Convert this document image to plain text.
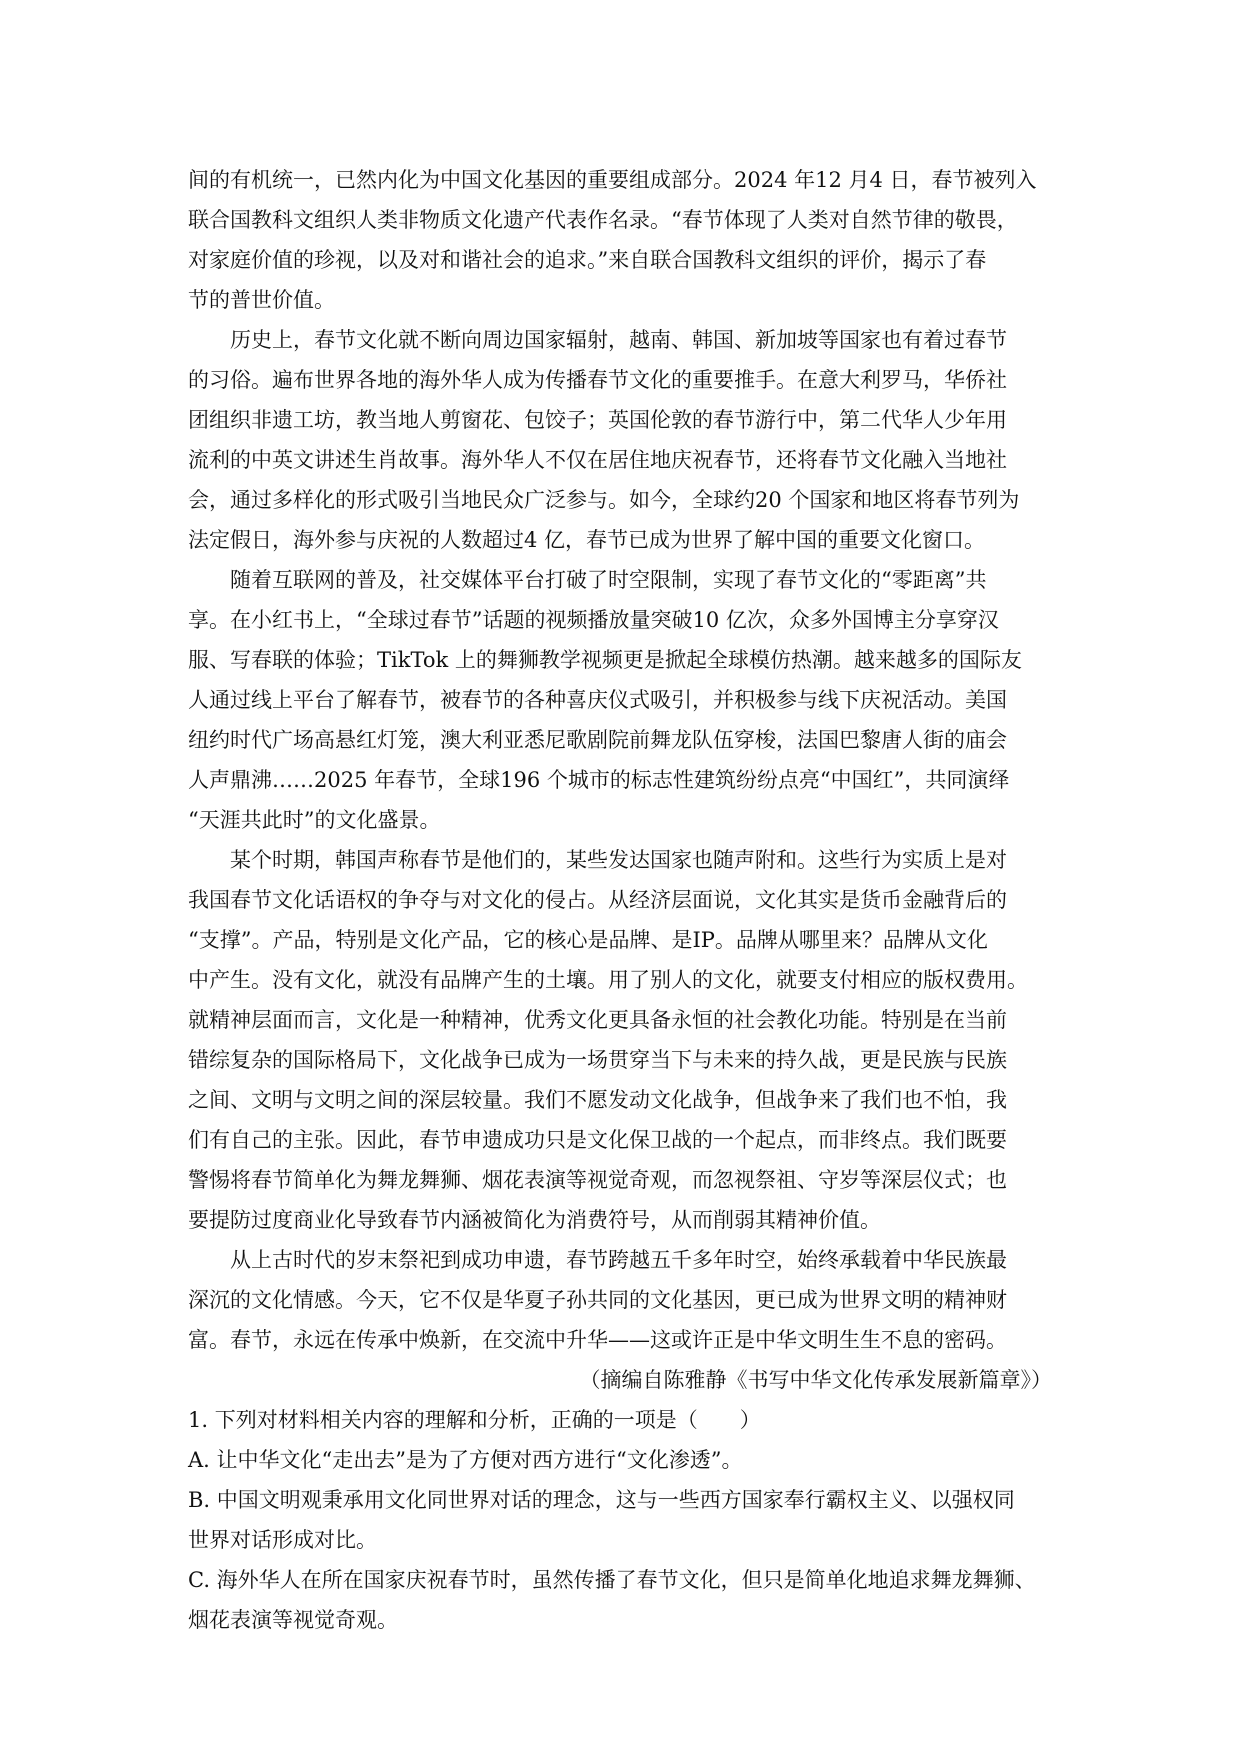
间的有机统一，已然内化为中国文化基因的重要组成部分。2024 年12 月4 日，春节被列入
联合国教科文组织人类非物质文化遗产代表作名录。“春节体现了人类对自然节律的敬畏，
对家庭价值的珍视，以及对和谐社会的追求。”来自联合国教科文组织的评价，揭示了春
节的普世价值。
历史上，春节文化就不断向周边国家辐射，越南、韩国、新加坡等国家也有着过春节
的习俗。遍布世界各地的海外华人成为传播春节文化的重要推手。在意大利罗马，华侨社
团组织非遗工坊，教当地人剪窗花、包饺子；英国伦敦的春节游行中，第二代华人少年用
流利的中英文讲述生肖故事。海外华人不仅在居住地庆祝春节，还将春节文化融入当地社
会，通过多样化的形式吸引当地民众广泛参与。如今，全球约20 个国家和地区将春节列为
法定假日，海外参与庆祝的人数超过4 亿，春节已成为世界了解中国的重要文化窗口。
随着互联网的普及，社交媒体平台打破了时空限制，实现了春节文化的“零距离”共
享。在小红书上，“全球过春节”话题的视频播放量突破10 亿次，众多外国博主分享穿汉
服、写春联的体验；TikTok 上的舞狮教学视频更是掀起全球模仿热潮。越来越多的国际友
人通过线上平台了解春节，被春节的各种喜庆仪式吸引，并积极参与线下庆祝活动。美国
纽约时代广场高悬红灯笼，澳大利亚悉尼歌剧院前舞龙队伍穿梭，法国巴黎唐人街的庙会
人声鼎沸……2025 年春节，全球196 个城市的标志性建筑纷纷点亮“中国红”，共同演绎
“天涯共此时”的文化盛景。
某个时期，韩国声称春节是他们的，某些发达国家也随声附和。这些行为实质上是对
我国春节文化话语权的争夺与对文化的侵占。从经济层面说，文化其实是货币金融背后的
“支撑”。产品，特别是文化产品，它的核心是品牌、是IP。品牌从哪里来？品牌从文化
中产生。没有文化，就没有品牌产生的土壤。用了别人的文化，就要支付相应的版权费用。
就精神层面而言，文化是一种精神，优秀文化更具备永恒的社会教化功能。特别是在当前
错综复杂的国际格局下，文化战争已成为一场贯穿当下与未来的持久战，更是民族与民族
之间、文明与文明之间的深层较量。我们不愿发动文化战争，但战争来了我们也不怕，我
们有自己的主张。因此，春节申遗成功只是文化保卫战的一个起点，而非终点。我们既要
警惕将春节简单化为舞龙舞狮、烟花表演等视觉奇观，而忽视祭祖、守岁等深层仪式；也
要提防过度商业化导致春节内涵被简化为消费符号，从而削弱其精神价值。
从上古时代的岁末祭祀到成功申遗，春节跨越五千多年时空，始终承载着中华民族最
深沉的文化情感。今天，它不仅是华夏子孙共同的文化基因，更已成为世界文明的精神财
富。春节，永远在传承中焕新，在交流中升华——这或许正是中华文明生生不息的密码。
（摘编自陈雅静《书写中华文化传承发展新篇章》）
1. 下列对材料相关内容的理解和分析，正确的一项是（　　）
A. 让中华文化“走出去”是为了方便对西方进行“文化渗透”。
B. 中国文明观秉承用文化同世界对话的理念，这与一些西方国家奉行霸权主义、以强权同
世界对话形成对比。
C. 海外华人在所在国家庆祝春节时，虽然传播了春节文化，但只是简单化地追求舞龙舞狮、
烟花表演等视觉奇观。
